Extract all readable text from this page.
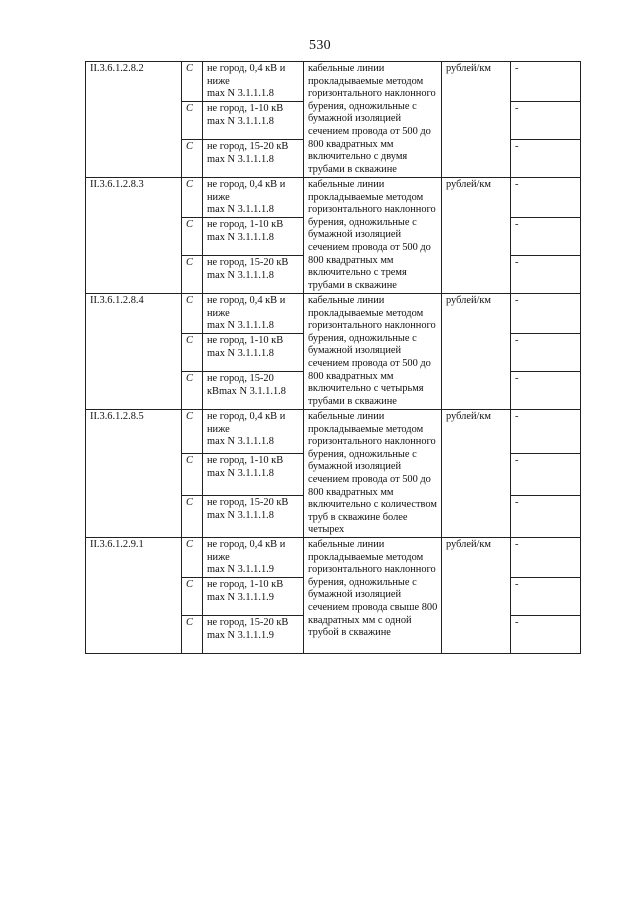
530
II.3.6.1.2.8.2	C	не город, 0,4 кВ и ниже
max N 3.1.1.1.8	кабельные линии прокладываемые методом горизонтального наклонного бурения, одножильные с бумажной изоляцией сечением провода от 500 до 800 квадратных мм включительно с двумя трубами в скважине	рублей/км	-
	C	не город, 1-10 кВ
max N 3.1.1.1.8			-
	C	не город, 15-20 кВ
max N 3.1.1.1.8			-
II.3.6.1.2.8.3	C	не город, 0,4 кВ и ниже
max N 3.1.1.1.8	кабельные линии прокладываемые методом горизонтального наклонного бурения, одножильные с бумажной изоляцией сечением провода от 500 до 800 квадратных мм включительно с тремя трубами в скважине	рублей/км	-
	C	не город, 1-10 кВ
max N 3.1.1.1.8			-
	C	не город, 15-20 кВ
max N 3.1.1.1.8			-
II.3.6.1.2.8.4	C	не город, 0,4 кВ и ниже
max N 3.1.1.1.8	кабельные линии прокладываемые методом горизонтального наклонного бурения, одножильные с бумажной изоляцией сечением провода от 500 до 800 квадратных мм включительно с четырьмя трубами в скважине	рублей/км	-
	C	не город, 1-10 кВ
max N 3.1.1.1.8			-
	C	не город, 15-20 кВmax N 3.1.1.1.8			-
II.3.6.1.2.8.5	C	не город, 0,4 кВ и ниже
max N 3.1.1.1.8	кабельные линии прокладываемые методом горизонтального наклонного бурения, одножильные с бумажной изоляцией сечением провода от 500 до 800 квадратных мм включительно с количеством труб в скважине более четырех	рублей/км	-
	C	не город, 1-10 кВ
max N 3.1.1.1.8			-
	C	не город, 15-20 кВ
max N 3.1.1.1.8			-
II.3.6.1.2.9.1	C	не город, 0,4 кВ и ниже
max N 3.1.1.1.9	кабельные линии прокладываемые методом горизонтального наклонного бурения, одножильные с бумажной изоляцией сечением провода свыше 800 квадратных мм с одной трубой в скважине	рублей/км	-
	C	не город, 1-10 кВ
max N 3.1.1.1.9			-
	C	не город, 15-20 кВ
max N 3.1.1.1.9			-
